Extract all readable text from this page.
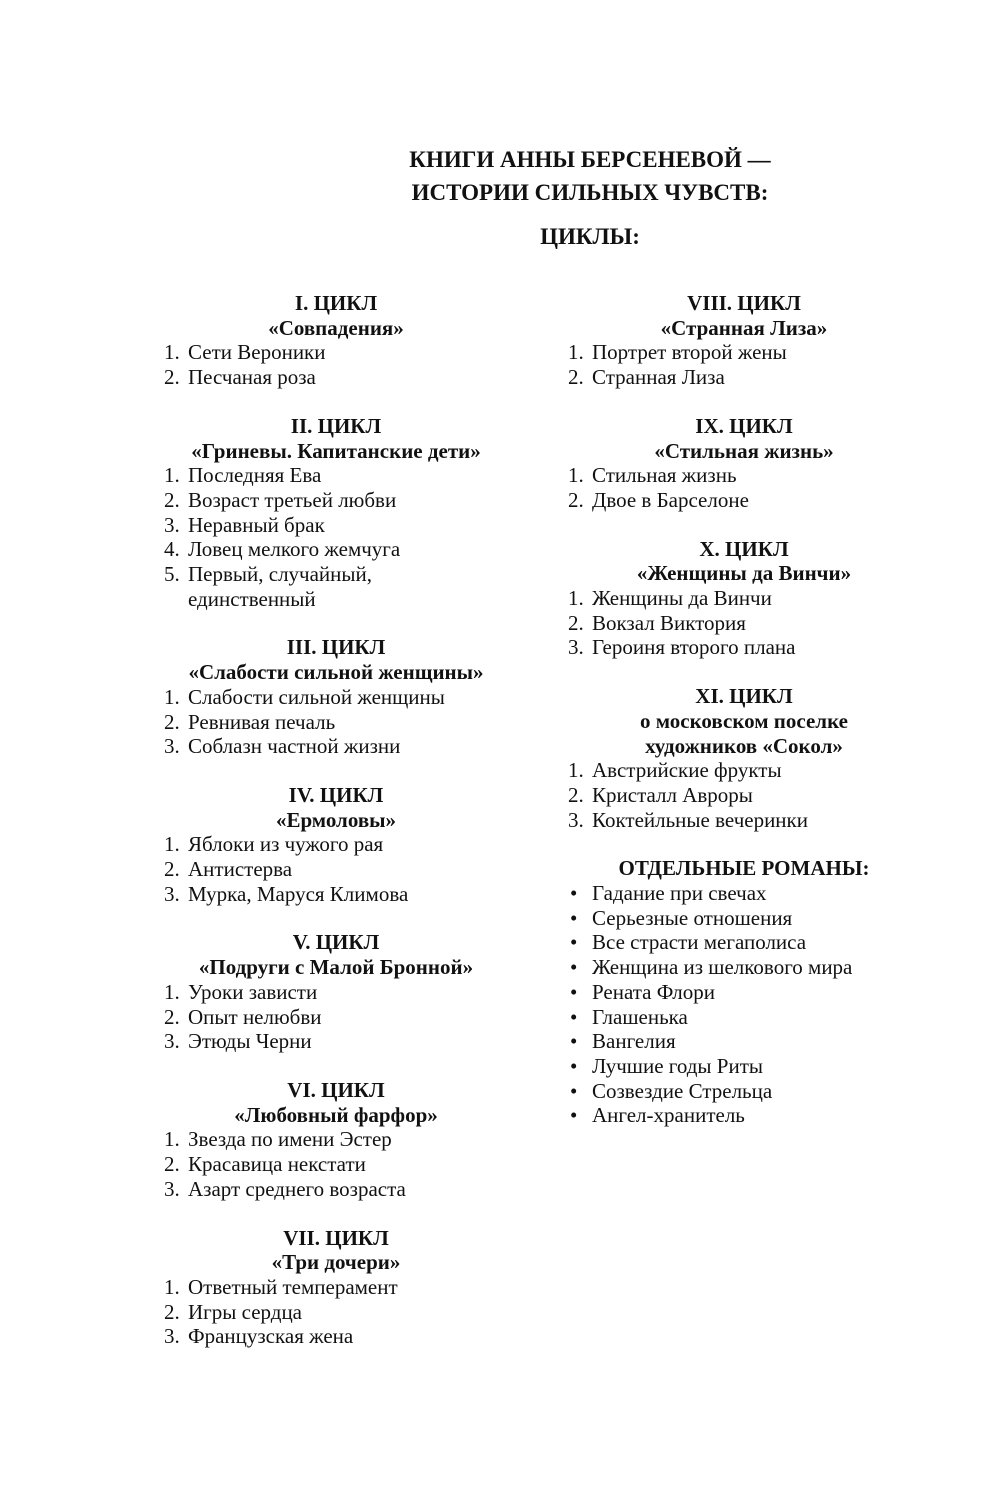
КНИГИ АННЫ БЕРСЕНЕВОЙ —
ИСТОРИИ СИЛЬНЫХ ЧУВСТВ:
ЦИКЛЫ:
I. ЦИКЛ
«Совпадения»
1. Сети Вероники
2. Песчаная роза
II. ЦИКЛ
«Гриневы. Капитанские дети»
1. Последняя Ева
2. Возраст третьей любви
3. Неравный брак
4. Ловец мелкого жемчуга
5. Первый, случайный, единственный
III. ЦИКЛ
«Слабости сильной женщины»
1. Слабости сильной женщины
2. Ревнивая печаль
3. Соблазн частной жизни
IV. ЦИКЛ
«Ермоловы»
1. Яблоки из чужого рая
2. Антистерва
3. Мурка, Маруся Климова
V. ЦИКЛ
«Подруги с Малой Бронной»
1. Уроки зависти
2. Опыт нелюбви
3. Этюды Черни
VI. ЦИКЛ
«Любовный фарфор»
1. Звезда по имени Эстер
2. Красавица некстати
3. Азарт среднего возраста
VII. ЦИКЛ
«Три дочери»
1. Ответный темперамент
2. Игры сердца
3. Французская жена
VIII. ЦИКЛ
«Странная Лиза»
1. Портрет второй жены
2. Странная Лиза
IX. ЦИКЛ
«Стильная жизнь»
1. Стильная жизнь
2. Двое в Барселоне
X. ЦИКЛ
«Женщины да Винчи»
1. Женщины да Винчи
2. Вокзал Виктория
3. Героиня второго плана
XI. ЦИКЛ
о московском поселке
художников «Сокол»
1. Австрийские фрукты
2. Кристалл Авроры
3. Коктейльные вечеринки
ОТДЕЛЬНЫЕ РОМАНЫ:
• Гадание при свечах
• Серьезные отношения
• Все страсти мегаполиса
• Женщина из шелкового мира
• Рената Флори
• Глашенька
• Вангелия
• Лучшие годы Риты
• Созвездие Стрельца
• Ангел-хранитель
